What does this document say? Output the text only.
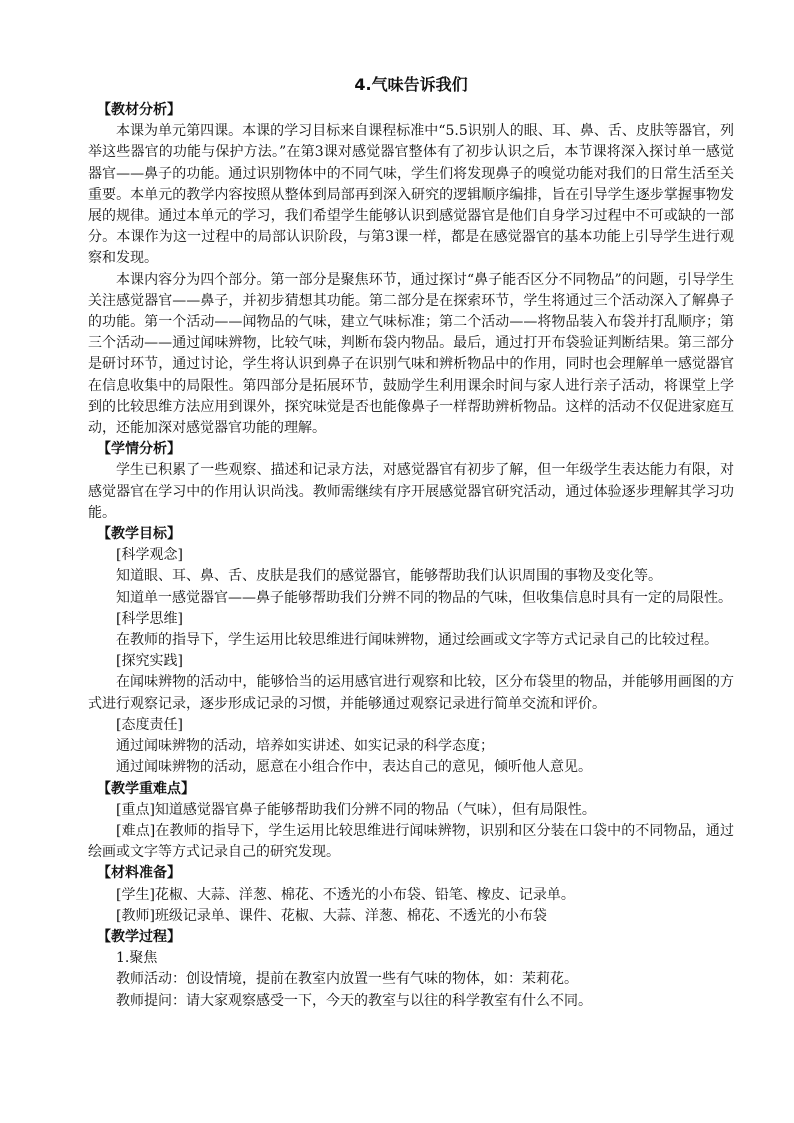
4.气味告诉我们

【教材分析】

本课为单元第四课。本课的学习目标来自课程标准中“5.5识别人的眼、耳、鼻、舌、皮肤等器官，列举这些器官的功能与保护方法。”在第3课对感觉器官整体有了初步认识之后，本节课将深入探讨单一感觉器官——鼻子的功能。通过识别物体中的不同气味，学生们将发现鼻子的嗅觉功能对我们的日常生活至关重要。本单元的教学内容按照从整体到局部再到深入研究的逻辑顺序编排，旨在引导学生逐步掌握事物发展的规律。通过本单元的学习，我们希望学生能够认识到感觉器官是他们自身学习过程中不可或缺的一部分。本课作为这一过程中的局部认识阶段，与第3课一样，都是在感觉器官的基本功能上引导学生进行观察和发现。

本课内容分为四个部分。第一部分是聚焦环节，通过探讨“鼻子能否区分不同物品”的问题，引导学生关注感觉器官——鼻子，并初步猜想其功能。第二部分是在探索环节，学生将通过三个活动深入了解鼻子的功能。第一个活动——闻物品的气味，建立气味标准；第二个活动——将物品装入布袋并打乱顺序；第三个活动——通过闻味辨物，比较气味，判断布袋内物品。最后，通过打开布袋验证判断结果。第三部分是研讨环节，通过讨论，学生将认识到鼻子在识别气味和辨析物品中的作用，同时也会理解单一感觉器官在信息收集中的局限性。第四部分是拓展环节，鼓励学生利用课余时间与家人进行亲子活动，将课堂上学到的比较思维方法应用到课外，探究味觉是否也能像鼻子一样帮助辨析物品。这样的活动不仅促进家庭互动，还能加深对感觉器官功能的理解。

【学情分析】

学生已积累了一些观察、描述和记录方法，对感觉器官有初步了解，但一年级学生表达能力有限，对感觉器官在学习中的作用认识尚浅。教师需继续有序开展感觉器官研究活动，通过体验逐步理解其学习功能。

【教学目标】

[科学观念]

知道眼、耳、鼻、舌、皮肤是我们的感觉器官，能够帮助我们认识周围的事物及变化等。

知道单一感觉器官——鼻子能够帮助我们分辨不同的物品的气味，但收集信息时具有一定的局限性。

[科学思维]

在教师的指导下，学生运用比较思维进行闻味辨物，通过绘画或文字等方式记录自己的比较过程。

[探究实践]

在闻味辨物的活动中，能够恰当的运用感官进行观察和比较，区分布袋里的物品，并能够用画图的方式进行观察记录，逐步形成记录的习惯，并能够通过观察记录进行简单交流和评价。

[态度责任]

通过闻味辨物的活动，培养如实讲述、如实记录的科学态度；

通过闻味辨物的活动，愿意在小组合作中，表达自己的意见，倾听他人意见。

【教学重难点】

[重点]知道感觉器官鼻子能够帮助我们分辨不同的物品（气味），但有局限性。

[难点]在教师的指导下，学生运用比较思维进行闻味辨物，识别和区分装在口袋中的不同物品，通过绘画或文字等方式记录自己的研究发现。

【材料准备】

[学生]花椒、大蒜、洋葱、棉花、不透光的小布袋、铅笔、橡皮、记录单。

[教师]班级记录单、课件、花椒、大蒜、洋葱、棉花、不透光的小布袋

【教学过程】

1.聚焦

教师活动：创设情境，提前在教室内放置一些有气味的物体，如：茉莉花。

教师提问：请大家观察感受一下，今天的教室与以往的科学教室有什么不同。
